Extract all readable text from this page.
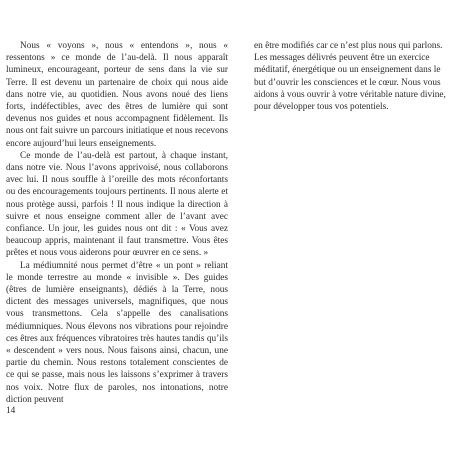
Nous « voyons », nous « entendons », nous « ressentons » ce monde de l’au-delà. Il nous apparaît lumineux, encourageant, porteur de sens dans la vie sur Terre. Il est devenu un partenaire de choix qui nous aide dans notre vie, au quotidien. Nous avons noué des liens forts, indéfectibles, avec des êtres de lumière qui sont devenus nos guides et nous accompagnent fidèlement. Ils nous ont fait suivre un parcours initiatique et nous recevons encore aujourd’hui leurs enseignements.

Ce monde de l’au-delà est partout, à chaque instant, dans notre vie. Nous l’avons apprivoisé, nous collaborons avec lui. Il nous souffle à l’oreille des mots réconfortants ou des encouragements toujours pertinents. Il nous alerte et nous protège aussi, parfois ! Il nous indique la direction à suivre et nous enseigne comment aller de l’avant avec confiance. Un jour, les guides nous ont dit : « Vous avez beaucoup appris, maintenant il faut transmettre. Vous êtes prêtes et nous vous aiderons pour œuvrer en ce sens. »

La médiumnité nous permet d’être « un pont » reliant le monde terrestre au monde « invisible ». Des guides (êtres de lumière enseignants), dédiés à la Terre, nous dictent des messages universels, magnifiques, que nous vous transmettons. Cela s’appelle des canalisations médiumniques. Nous élevons nos vibrations pour rejoindre ces êtres aux fréquences vibratoires très hautes tandis qu’ils « descendent » vers nous. Nous faisons ainsi, chacun, une partie du chemin. Nous restons totalement conscientes de ce qui se passe, mais nous les laissons s’exprimer à travers nos voix. Notre flux de paroles, nos intonations, notre diction peuvent

en être modifiés car ce n’est plus nous qui parlons. Les messages délivrés peuvent être un exercice méditatif, énergétique ou un enseignement dans le but d’ouvrir les consciences et le cœur. Nous vous aidons à vous ouvrir à votre véritable nature divine, pour développer tous vos potentiels.

14
